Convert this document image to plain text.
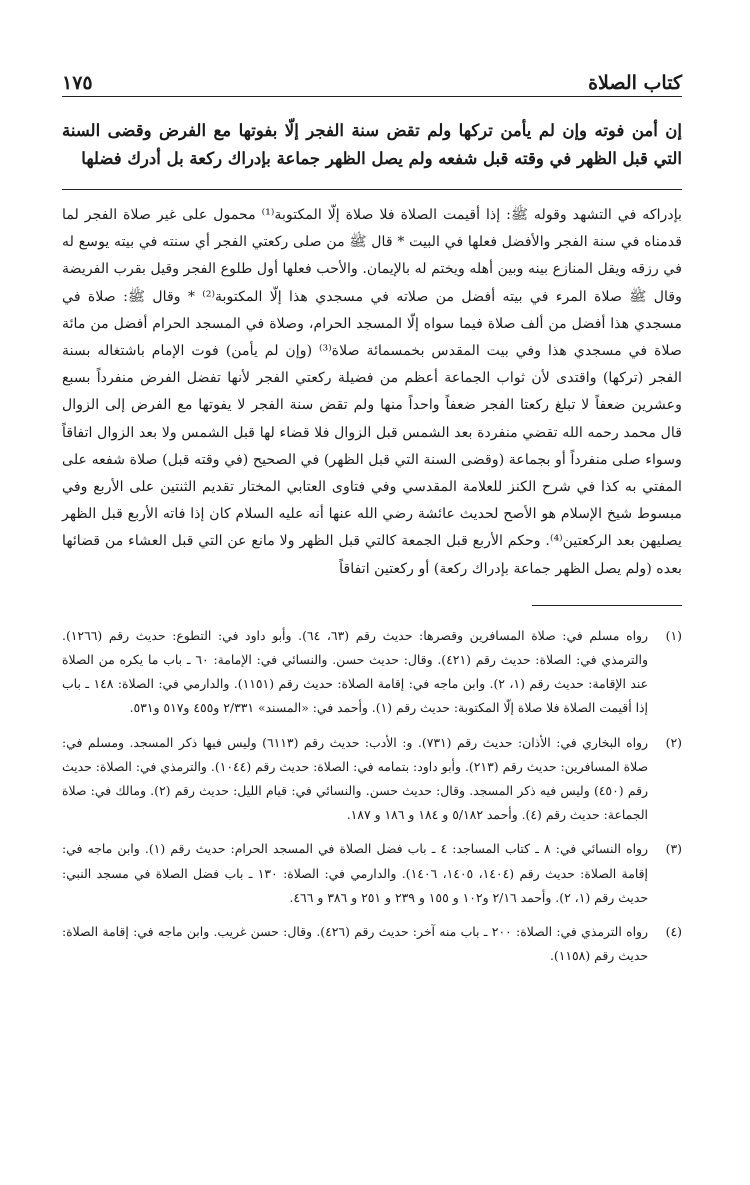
كتاب الصلاة
١٧٥

إن أمن فوته وإن لم يأمن تركها ولم تقض سنة الفجر إلّا بفوتها مع الفرض وقضى السنة التي قبل الظهر في وقته قبل شفعه ولم يصل الظهر جماعة بإدراك ركعة بل أدرك فضلها

بإدراكه في التشهد وقوله ﷺ: إذا أقيمت الصلاة فلا صلاة إلّا المكتوبة⁽¹⁾ محمول على غير صلاة الفجر لما قدمناه في سنة الفجر والأفضل فعلها في البيت * قال ﷺ من صلى ركعتي الفجر أي سنته في بيته يوسع له في رزقه ويقل المنازع بينه وبين أهله ويختم له بالإيمان. والأحب فعلها أول طلوع الفجر وقيل بقرب الفريضة وقال ﷺ صلاة المرء في بيته أفضل من صلاته في مسجدي هذا إلّا المكتوبة⁽²⁾ * وقال ﷺ: صلاة في مسجدي هذا أفضل من ألف صلاة فيما سواه إلّا المسجد الحرام، وصلاة في المسجد الحرام أفضل من مائة صلاة في مسجدي هذا وفي بيت المقدس بخمسمائة صلاة⁽³⁾ (وإن لم يأمن) فوت الإمام باشتغاله بسنة الفجر (تركها) واقتدى لأن ثواب الجماعة أعظم من فضيلة ركعتي الفجر لأنها تفضل الفرض منفرداً بسبع وعشرين ضعفاً لا تبلغ ركعتا الفجر ضعفاً واحداً منها ولم تقض سنة الفجر لا يفوتها مع الفرض إلى الزوال قال محمد رحمه الله تقضي منفردة بعد الشمس قبل الزوال فلا قضاء لها قبل الشمس ولا بعد الزوال اتفاقاً وسواء صلى منفرداً أو بجماعة (وقضى السنة التي قبل الظهر) في الصحيح (في وقته قبل) صلاة شفعه على المفتي به كذا في شرح الكنز للعلامة المقدسي وفي فتاوى العتابي المختار تقديم الثنتين على الأربع وفي مبسوط شيخ الإسلام هو الأصح لحديث عائشة رضي الله عنها أنه عليه السلام كان إذا فاته الأربع قبل الظهر يصليهن بعد الركعتين⁽⁴⁾. وحكم الأربع قبل الجمعة كالتي قبل الظهر ولا مانع عن التي قبل العشاء من قضائها بعده (ولم يصل الظهر جماعة بإدراك ركعة) أو ركعتين اتفاقاً

(١)
رواه مسلم في: صلاة المسافرين وقصرها: حديث رقم (٦٣، ٦٤). وأبو داود في: التطوع: حديث رقم (١٢٦٦). والترمذي في: الصلاة: حديث رقم (٤٢١). وقال: حديث حسن. والنسائي في: الإمامة: ٦٠ ـ باب ما يكره من الصلاة عند الإقامة: حديث رقم (١، ٢). وابن ماجه في: إقامة الصلاة: حديث رقم (١١٥١). والدارمي في: الصلاة: ١٤٨ ـ باب إذا أقيمت الصلاة فلا صلاة إلّا المكتوبة: حديث رقم (١). وأحمد في: «المسند» ٢/٣٣١ و٤٥٥ و٥١٧ و٥٣١.
(٢)
رواه البخاري في: الأذان: حديث رقم (٧٣١). و: الأدب: حديث رقم (٦١١٣) وليس فيها ذكر المسجد. ومسلم في: صلاة المسافرين: حديث رقم (٢١٣). وأبو داود: بتمامه في: الصلاة: حديث رقم (١٠٤٤). والترمذي في: الصلاة: حديث رقم (٤٥٠) وليس فيه ذكر المسجد. وقال: حديث حسن. والنسائي في: قيام الليل: حديث رقم (٢). ومالك في: صلاة الجماعة: حديث رقم (٤). وأحمد ٥/١٨٢ و ١٨٤ و ١٨٦ و ١٨٧.
(٣)
رواه النسائي في: ٨ ـ كتاب المساجد: ٤ ـ باب فضل الصلاة في المسجد الحرام: حديث رقم (١). وابن ماجه في: إقامة الصلاة: حديث رقم (١٤٠٤، ١٤٠٥، ١٤٠٦). والدارمي في: الصلاة: ١٣٠ ـ باب فضل الصلاة في مسجد النبي: حديث رقم (١، ٢). وأحمد ٢/١٦ و١٠٢ و ١٥٥ و ٢٣٩ و ٢٥١ و ٣٨٦ و ٤٦٦.
(٤)
رواه الترمذي في: الصلاة: ٢٠٠ ـ باب منه آخر: حديث رقم (٤٢٦). وقال: حسن غريب. وابن ماجه في: إقامة الصلاة: حديث رقم (١١٥٨).
